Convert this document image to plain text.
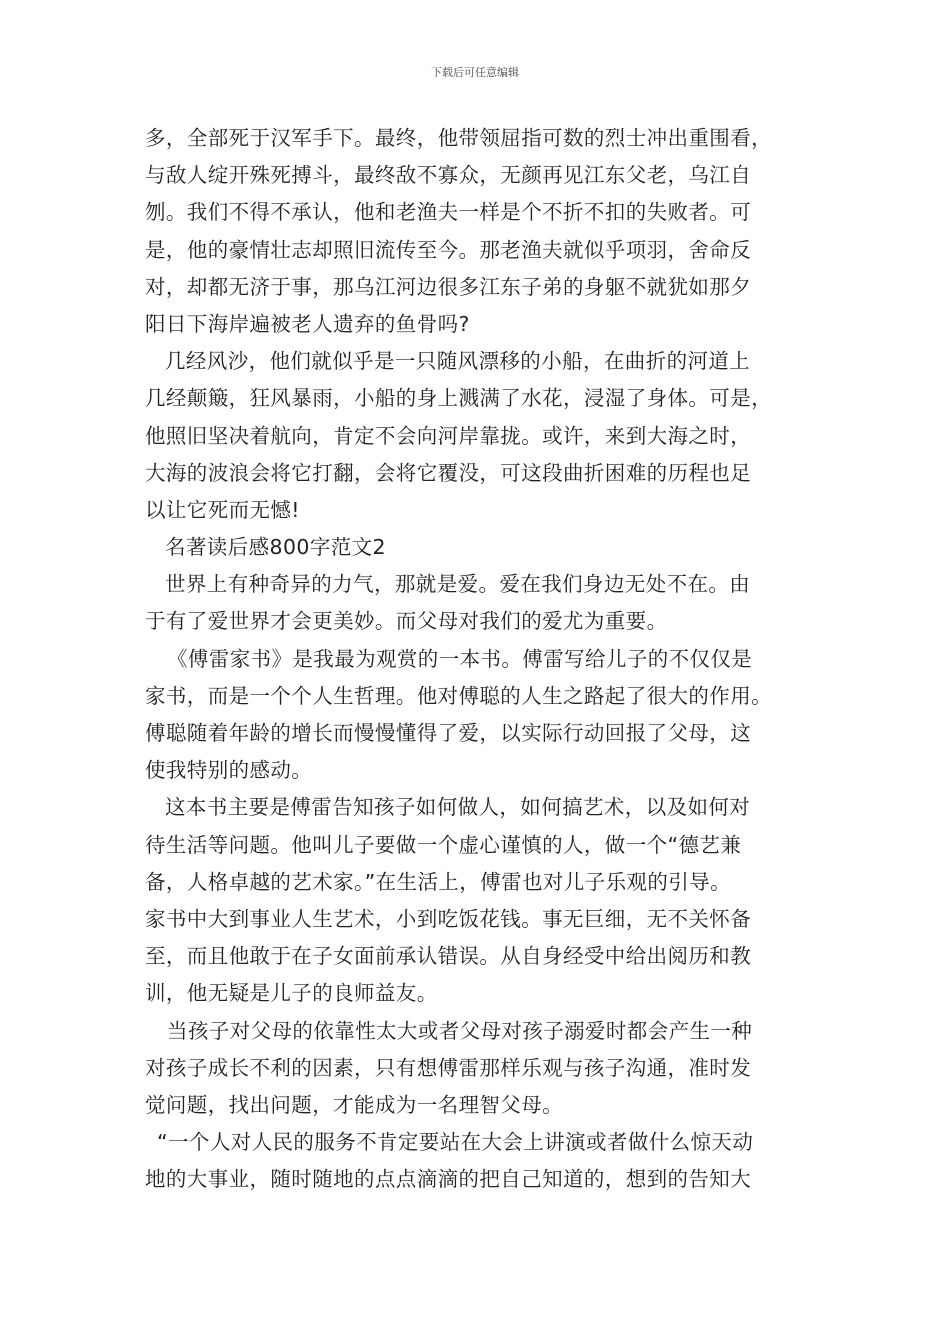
下载后可任意编辑
多，全部死于汉军手下。最终，他带领屈指可数的烈士冲出重围看，
与敌人绽开殊死搏斗，最终敌不寡众，无颜再见江东父老，乌江自
刎。我们不得不承认，他和老渔夫一样是个不折不扣的失败者。可
是，他的豪情壮志却照旧流传至今。那老渔夫就似乎项羽，舍命反
对，却都无济于事，那乌江河边很多江东子弟的身躯不就犹如那夕
阳日下海岸遍被老人遗弃的鱼骨吗?
几经风沙，他们就似乎是一只随风漂移的小船，在曲折的河道上
几经颠簸，狂风暴雨，小船的身上溅满了水花，浸湿了身体。可是，
他照旧坚决着航向，肯定不会向河岸靠拢。或许，来到大海之时，
大海的波浪会将它打翻，会将它覆没，可这段曲折困难的历程也足
以让它死而无憾!
名著读后感800字范文2
世界上有种奇异的力气，那就是爱。爱在我们身边无处不在。由
于有了爱世界才会更美妙。而父母对我们的爱尤为重要。
《傅雷家书》是我最为观赏的一本书。傅雷写给儿子的不仅仅是
家书，而是一个个人生哲理。他对傅聪的人生之路起了很大的作用。
傅聪随着年龄的增长而慢慢懂得了爱，以实际行动回报了父母，这
使我特别的感动。
这本书主要是傅雷告知孩子如何做人，如何搞艺术，以及如何对
待生活等问题。他叫儿子要做一个虚心谨慎的人，做一个“德艺兼
备，人格卓越的艺术家。”在生活上，傅雷也对儿子乐观的引导。
家书中大到事业人生艺术，小到吃饭花钱。事无巨细，无不关怀备
至，而且他敢于在子女面前承认错误。从自身经受中给出阅历和教
训，他无疑是儿子的良师益友。
当孩子对父母的依靠性太大或者父母对孩子溺爱时都会产生一种
对孩子成长不利的因素，只有想傅雷那样乐观与孩子沟通，准时发
觉问题，找出问题，才能成为一名理智父母。
“一个人对人民的服务不肯定要站在大会上讲演或者做什么惊天动
地的大事业，随时随地的点点滴滴的把自己知道的，想到的告知大
